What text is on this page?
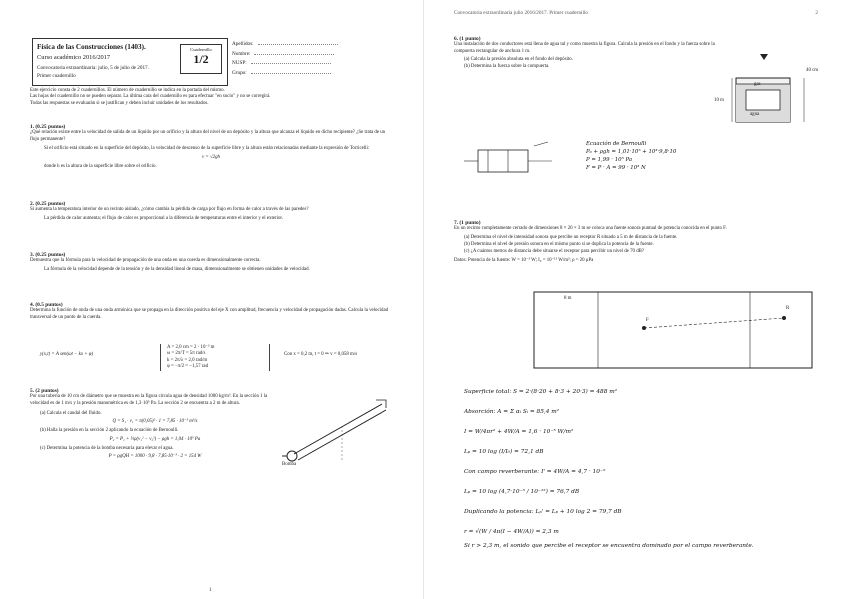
Física de las Construcciones (1403).
Curso académico 2016/2017
Convocatoria extraordinaria: julio, 5 de julio de 2017.
Primer cuadernillo
Cuadernillo
1/2
Apellidos:
Nombre:
NUSP:
Grupo:
Este ejercicio consta de 2 cuadernillos. El número de cuadernillo se indica en la portada del mismo.
Las hojas del cuadernillo no se pueden separar. La última cara del cuadernillo es para efectuar "en sucio" y no se corregirá.
Todas las respuestas se evaluarán si se justifican y deben incluir unidades de los resultados.
1. (0.25 puntos)
¿Qué relación existe entre la velocidad de salida de un líquido por un orificio y la altura del nivel de un depósito y la altura que alcanza el líquido en dicho recipiente? ¿Se trata de un flujo permanente?
Si el orificio está situado en la superficie del depósito, la velocidad de descenso de la superficie libre y la altura están relacionadas mediante la expresión de Torricelli:
v = √2gh
donde h es la altura de la superficie libre sobre el orificio.
2. (0.25 puntos)
Si aumenta la temperatura interior de un recinto aislado, ¿cómo cambia la pérdida de carga por flujo en forma de calor a través de las paredes?
La pérdida de calor aumenta; el flujo de calor es proporcional a la diferencia de temperaturas entre el interior y el exterior.
3. (0.25 puntos)
Demuestra que la fórmula para la velocidad de propagación de una onda en una cuerda es dimensionalmente correcta.
La fórmula de la velocidad depende de la tensión y de la densidad lineal de masa, dimensionalmente se obtienen unidades de velocidad.
4. (0.5 puntos)
Determina la función de onda de una onda armónica que se propaga en la dirección positiva del eje X con amplitud, frecuencia y velocidad de propagación dadas. Calcula la velocidad transversal de un punto de la cuerda.
y(x,t) = A sen(ωt − kx + φ)
A = 2,0 cm = 2 · 10⁻² m
ω = 2π/T = 5π rad/s
k = 2π/λ = 2,0 rad/m
φ = −π/2 = −1,57 rad
Con x = 0,2 m, t = 0 ⇒ v = 0,058 m/s
5. (2 puntos)
Por una tubería de 10 cm de diámetro que se muestra en la figura circula agua de densidad 1000 kg/m³. En la sección 1 la velocidad es de 1 m/s y la presión manométrica es de 1,3·10⁵ Pa. La sección 2 se encuentra a 2 m de altura.
(a) Calcula el caudal del fluido.
Q = S₁ · v₁ = π(0,05)² · 1 = 7,85 · 10⁻³ m³/s
(b) Halla la presión en la sección 2 aplicando la ecuación de Bernoulli.
P₂ = P₁ + ½ρ(v₁² − v₂²) − ρgh = 1,04 · 10⁵ Pa
(c) Determina la potencia de la bomba necesaria para elevar el agua.
P = ρgQH = 1000 · 9,8 · 7,85·10⁻³ · 2 = 154 W
Bomba
1
Convocatoria extraordinaria julio 2016/2017. Primer cuadernillo	2
6. (1 punto)
Una instalación de dos conductores está llena de agua tal y como muestra la figura. Calcula la presión en el fondo y la fuerza sobre la compuerta rectangular de anchura 1 m.
(a) Calcula la presión absoluta en el fondo del depósito.
(b) Determina la fuerza sobre la compuerta.
10 m
40 cm
gas
agua
Ecuación de Bernoulli
P₀ + ρgh = 1,01·10⁵ + 10³·9,8·10
P = 1,99 · 10⁵ Pa
F = P · A = 99 · 10³ N
7. (1 punto)
En un recinto completamente cerrado de dimensiones 8 × 20 × 3 m se coloca una fuente sonora puntual de potencia conocida en el punto F.
(a) Determina el nivel de intensidad sonora que percibe un receptor R situado a 5 m de distancia de la fuente.
(b) Determina el nivel de presión sonora en el mismo punto si se duplica la potencia de la fuente.
(c) ¿A cuántos metros de distancia debe situarse el receptor para percibir un nivel de 70 dB?
Datos: Potencia de la fuente: W = 10⁻³ W; I₀ = 10⁻¹² W/m²; ρ = 20 μPa
F
R
8 m
Superficie total: S = 2·(8·20 + 8·3 + 20·3) = 488 m²
Absorción: A = Σ αᵢ Sᵢ = 85,4 m²
I = W/4πr² + 4W/A = 1,6 · 10⁻⁵ W/m²
Lₚ = 10 log (I/I₀) = 72,1 dB
Con campo reverberante: I' = 4W/A = 4,7 · 10⁻⁵
Lₚ = 10 log (4,7·10⁻⁵ / 10⁻¹²) = 76,7 dB
Duplicando la potencia: Lₚ' = Lₚ + 10 log 2 = 79,7 dB
r = √(W / 4π(I − 4W/A)) = 2,3 m
Si r > 2,3 m, el sonido que percibe el receptor se encuentra dominado por el campo reverberante.
